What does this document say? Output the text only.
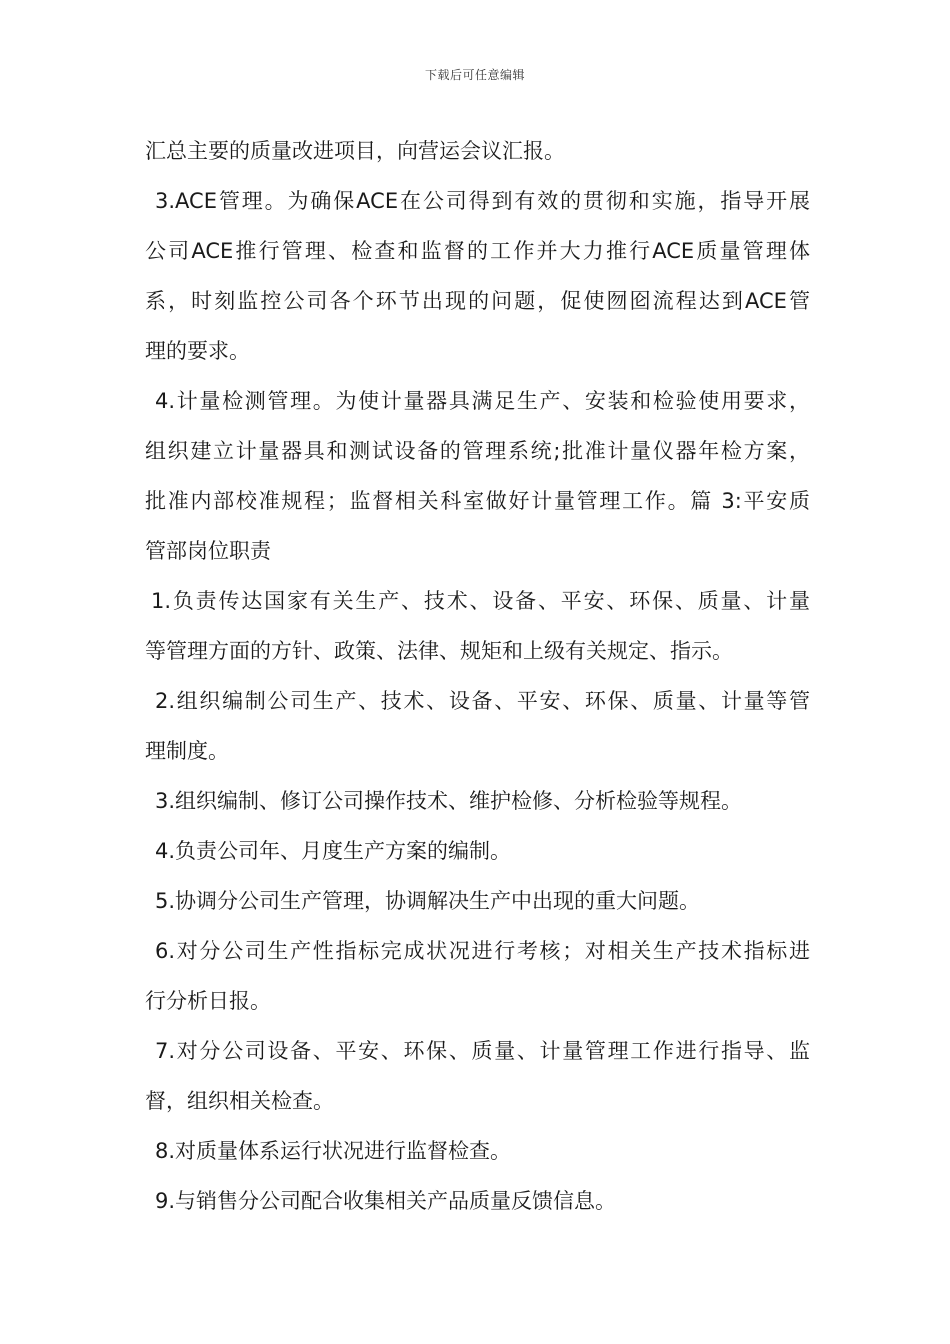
下载后可任意编辑
汇总主要的质量改进项目，向营运会议汇报。
3.ACE管理。为确保ACE在公司得到有效的贯彻和实施，指导开展
公司ACE推行管理、检查和监督的工作并大力推行ACE质量管理体
系，时刻监控公司各个环节出现的问题，促使囫囵流程达到ACE管
理的要求。
4.计量检测管理。为使计量器具满足生产、安装和检验使用要求，
组织建立计量器具和测试设备的管理系统;批准计量仪器年检方案，
批准内部校准规程；监督相关科室做好计量管理工作。篇 3:平安质
管部岗位职责
1.负责传达国家有关生产、技术、设备、平安、环保、质量、计量
等管理方面的方针、政策、法律、规矩和上级有关规定、指示。
2.组织编制公司生产、技术、设备、平安、环保、质量、计量等管
理制度。
3.组织编制、修订公司操作技术、维护检修、分析检验等规程。
4.负责公司年、月度生产方案的编制。
5.协调分公司生产管理，协调解决生产中出现的重大问题。
6.对分公司生产性指标完成状况进行考核；对相关生产技术指标进
行分析日报。
7.对分公司设备、平安、环保、质量、计量管理工作进行指导、监
督，组织相关检查。
8.对质量体系运行状况进行监督检查。
9.与销售分公司配合收集相关产品质量反馈信息。
